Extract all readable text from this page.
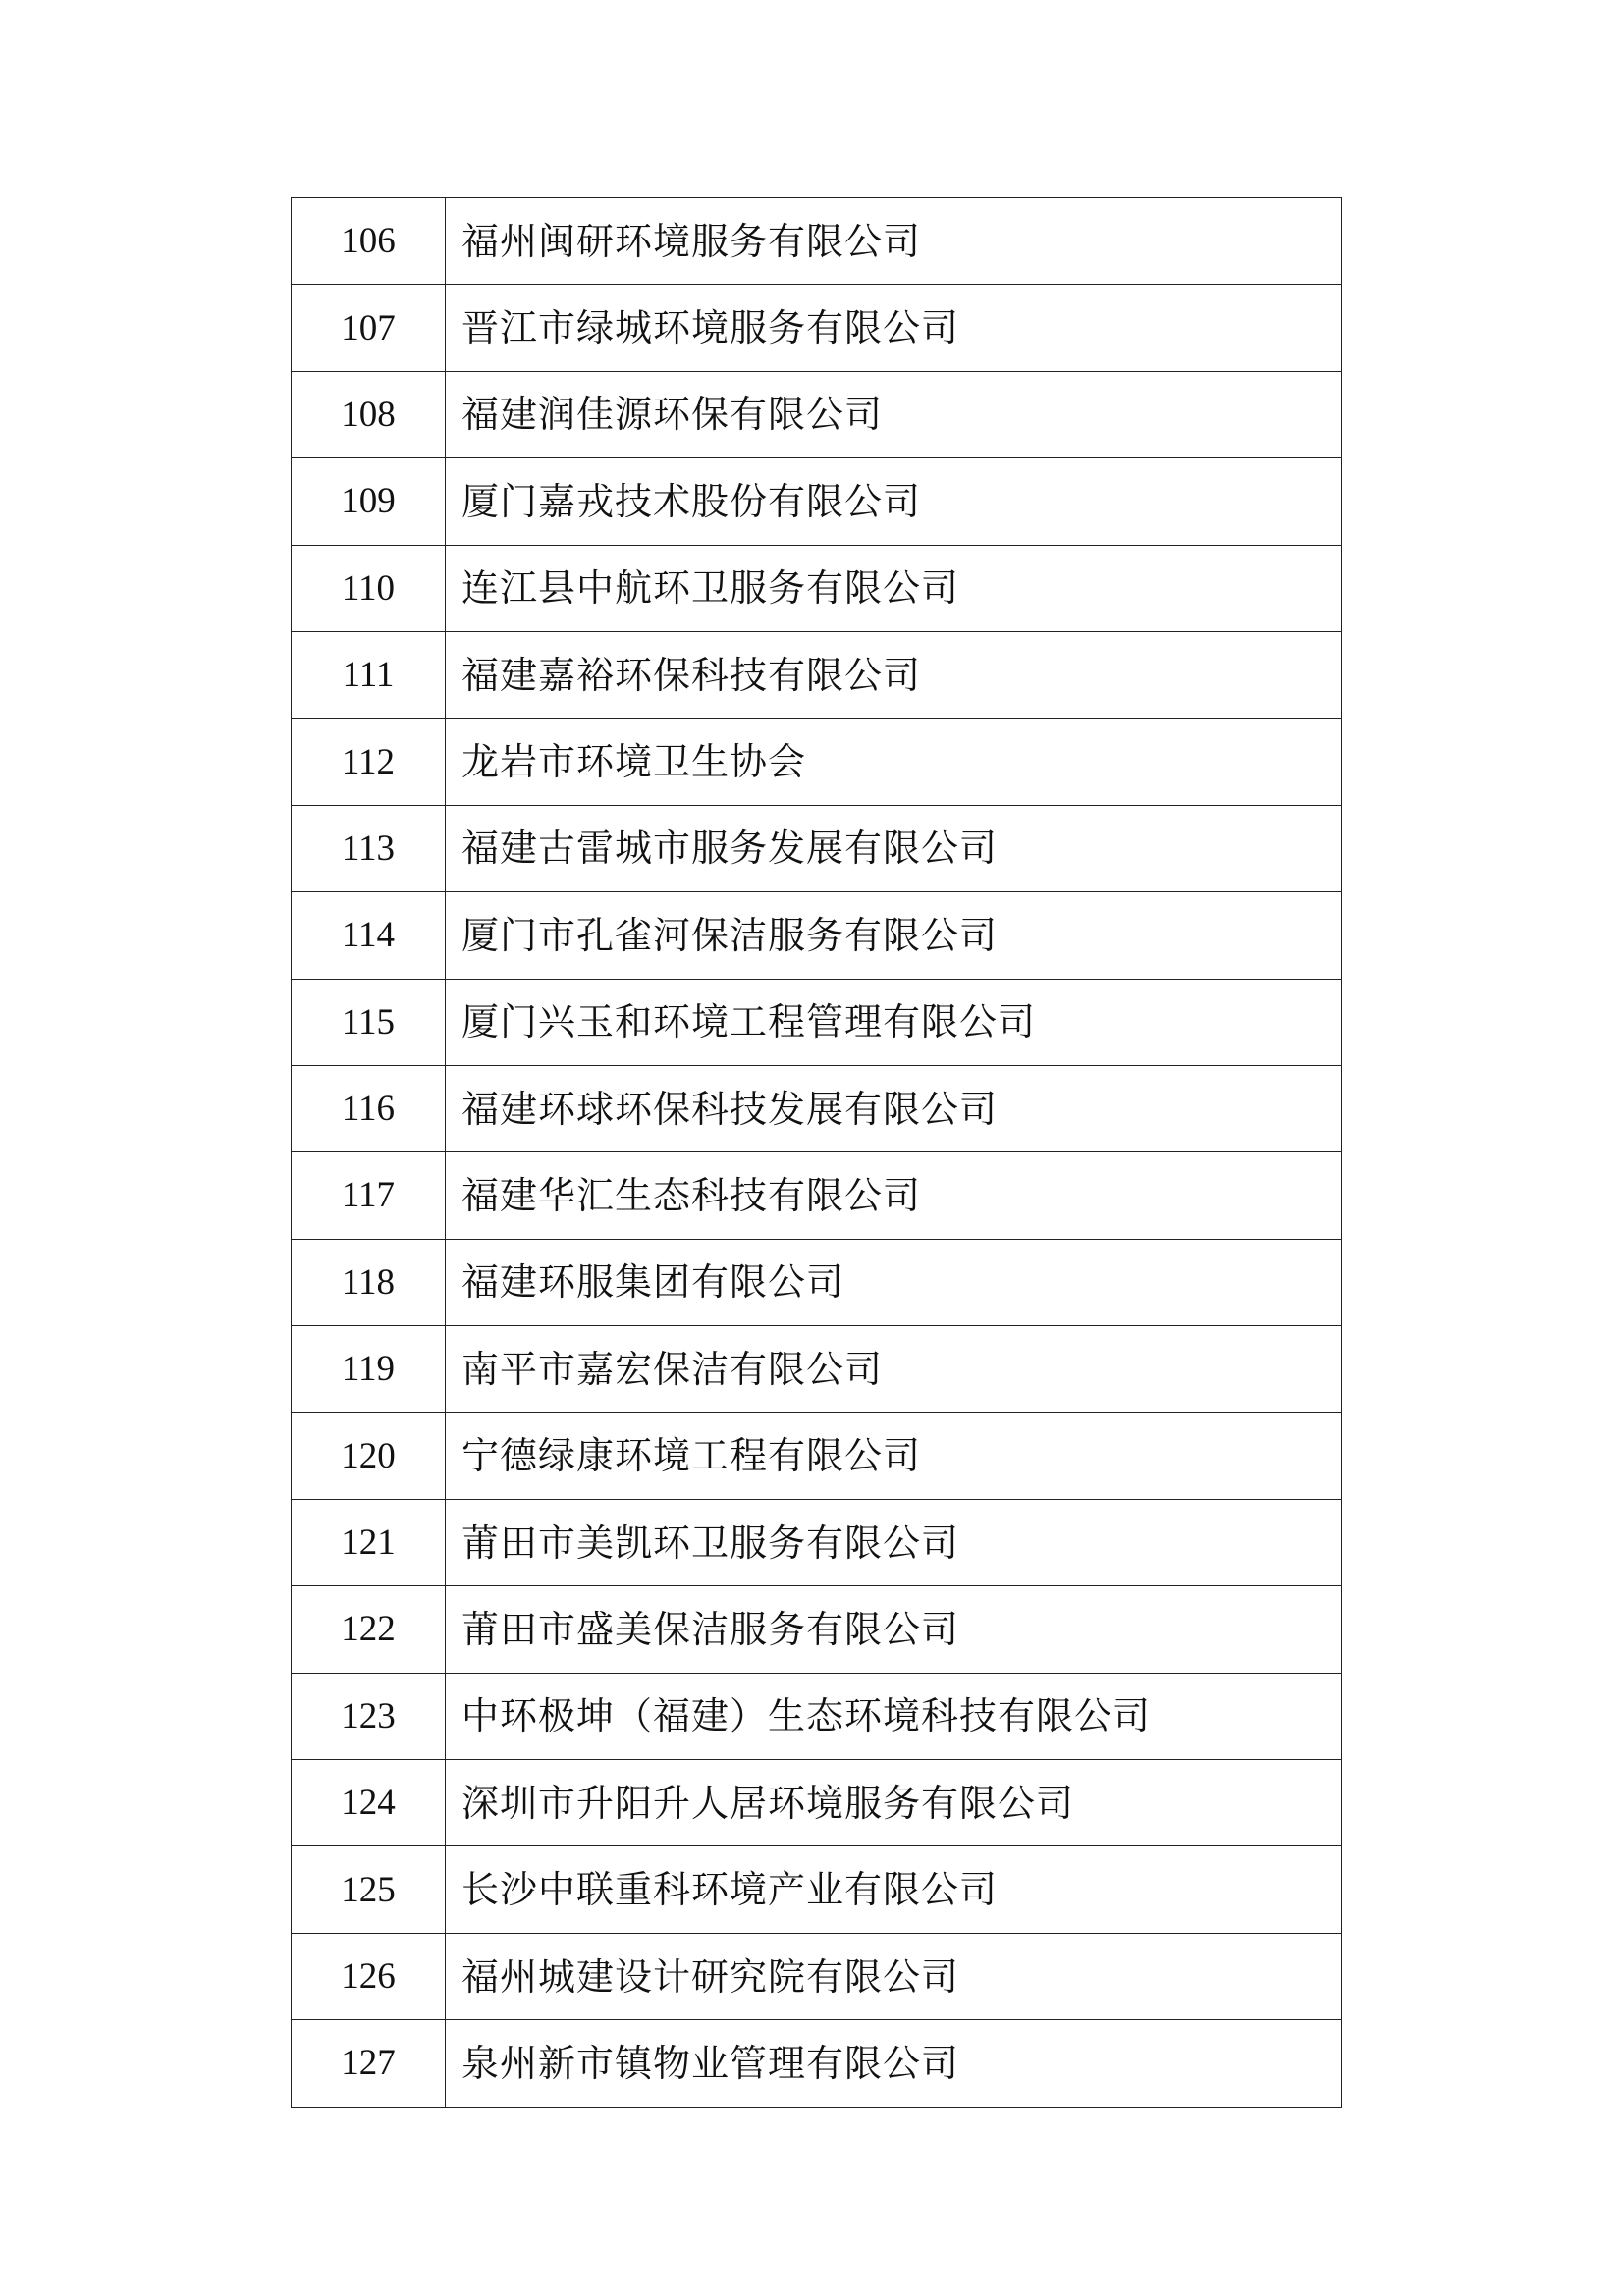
106	福州闽研环境服务有限公司
107	晋江市绿城环境服务有限公司
108	福建润佳源环保有限公司
109	厦门嘉戎技术股份有限公司
110	连江县中航环卫服务有限公司
111	福建嘉裕环保科技有限公司
112	龙岩市环境卫生协会
113	福建古雷城市服务发展有限公司
114	厦门市孔雀河保洁服务有限公司
115	厦门兴玉和环境工程管理有限公司
116	福建环球环保科技发展有限公司
117	福建华汇生态科技有限公司
118	福建环服集团有限公司
119	南平市嘉宏保洁有限公司
120	宁德绿康环境工程有限公司
121	莆田市美凯环卫服务有限公司
122	莆田市盛美保洁服务有限公司
123	中环极坤（福建）生态环境科技有限公司
124	深圳市升阳升人居环境服务有限公司
125	长沙中联重科环境产业有限公司
126	福州城建设计研究院有限公司
127	泉州新市镇物业管理有限公司
